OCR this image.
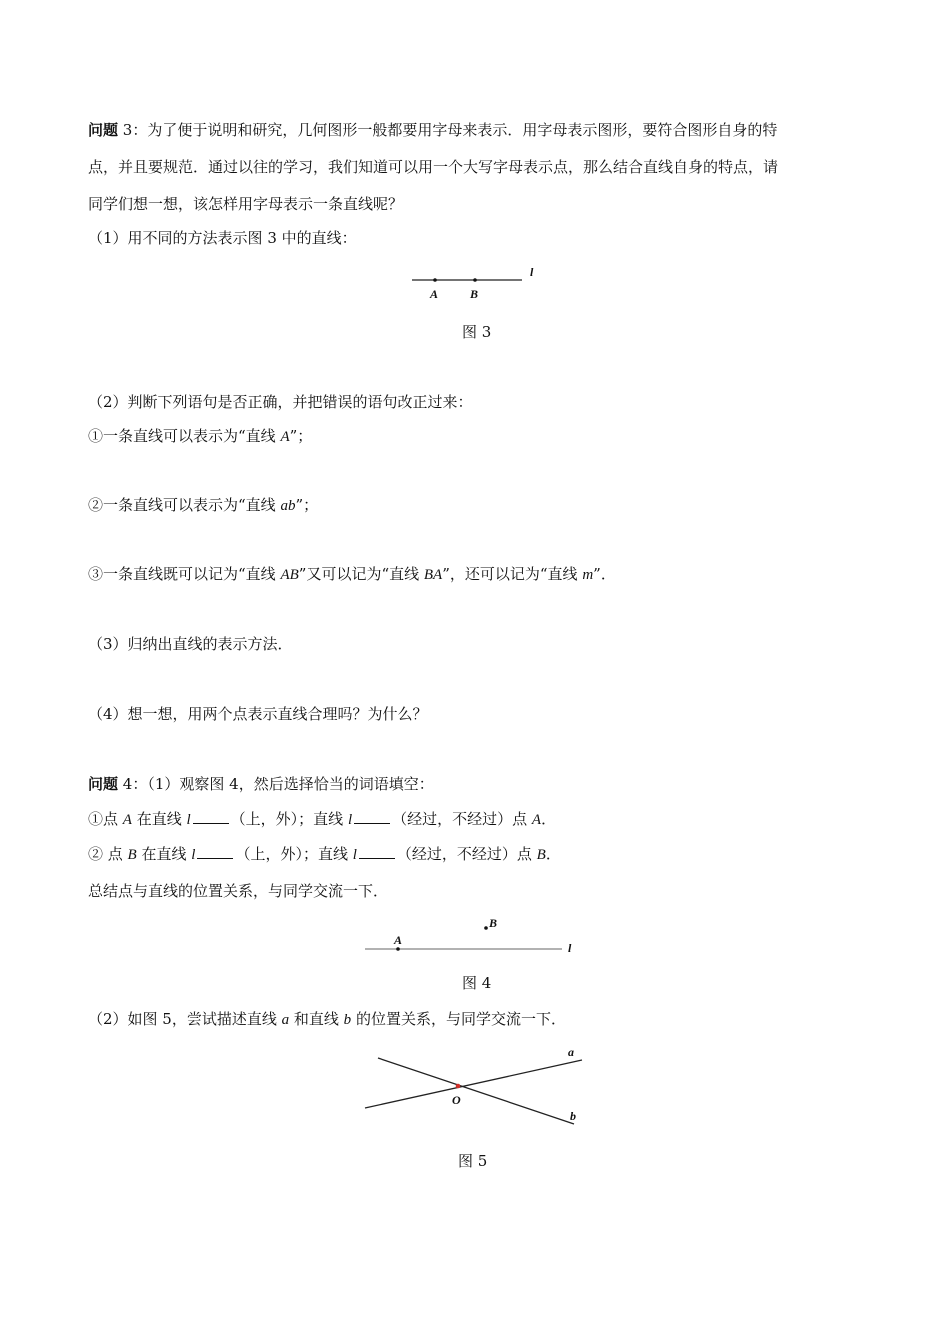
问题 3：为了便于说明和研究，几何图形一般都要用字母来表示．用字母表示图形，要符合图形自身的特
点，并且要规范．通过以往的学习，我们知道可以用一个大写字母表示点，那么结合直线自身的特点，请
同学们想一想，该怎样用字母表示一条直线呢？
（1）用不同的方法表示图 3 中的直线：
A	B
l
图 3
（2）判断下列语句是否正确，并把错误的语句改正过来：
①一条直线可以表示为“直线 A”；
②一条直线可以表示为“直线 ab”；
③一条直线既可以记为“直线 AB”又可以记为“直线 BA”，还可以记为“直线 m”．
（3）归纳出直线的表示方法．
（4）想一想，用两个点表示直线合理吗？为什么？
问题 4：（1）观察图 4，然后选择恰当的词语填空：
①点 A 在直线 l	（上，外）；直线 l	（经过，不经过）点 A．
② 点 B 在直线 l	（上，外）；直线 l	（经过，不经过）点 B．
总结点与直线的位置关系，与同学交流一下．
A
B
l
图 4
（2）如图 5，尝试描述直线 a 和直线 b 的位置关系，与同学交流一下．
a
b
O
图 5
